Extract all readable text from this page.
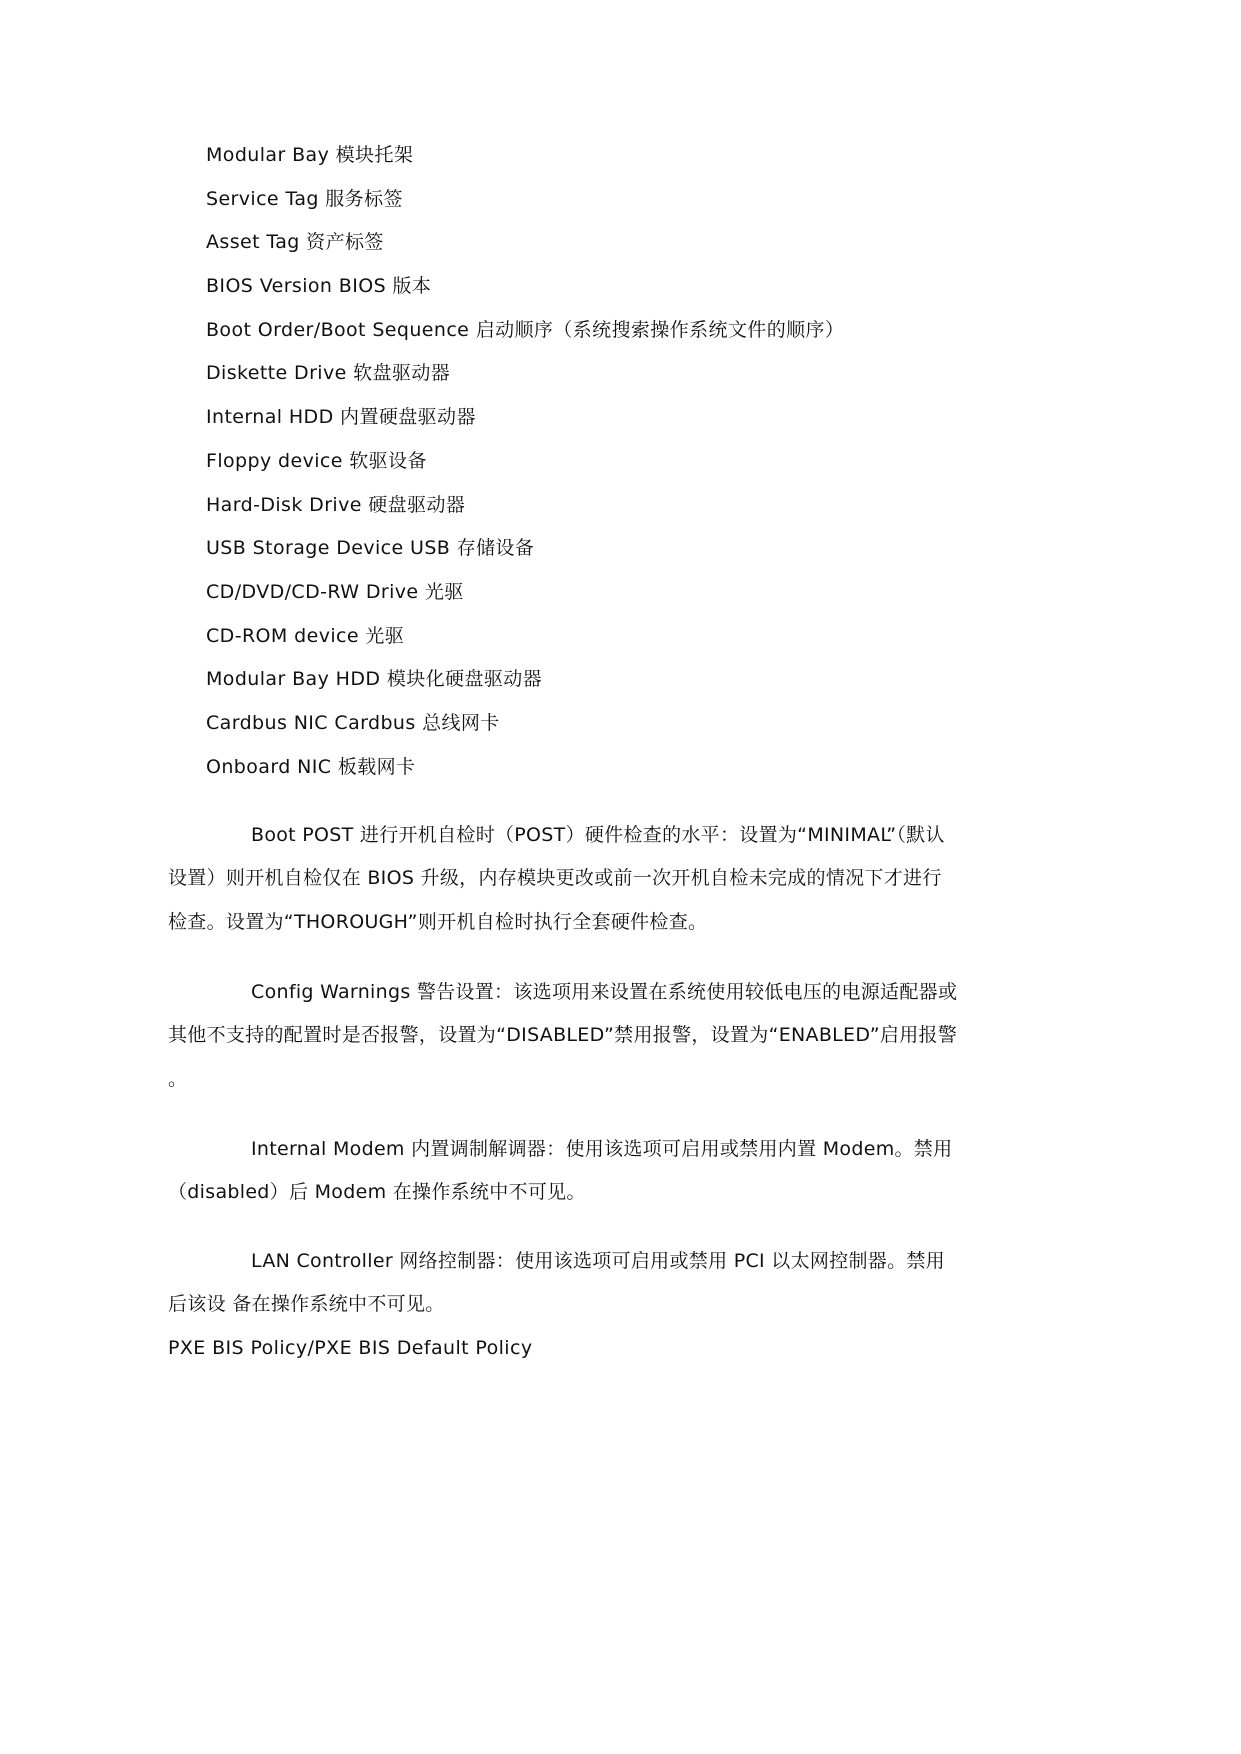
Modular Bay 模块托架
Service Tag 服务标签
Asset Tag 资产标签
BIOS Version BIOS 版本
Boot Order/Boot Sequence 启动顺序（系统搜索操作系统文件的顺序）
Diskette Drive 软盘驱动器
Internal HDD 内置硬盘驱动器
Floppy device 软驱设备
Hard-Disk Drive 硬盘驱动器
USB Storage Device USB 存储设备
CD/DVD/CD-RW Drive 光驱
CD-ROM device 光驱
Modular Bay HDD 模块化硬盘驱动器
Cardbus NIC Cardbus 总线网卡
Onboard NIC 板载网卡

Boot POST 进行开机自检时（POST）硬件检查的水平：设置为“MINIMAL”（默认设置）则开机自检仅在 BIOS 升级，内存模块更改或前一次开机自检未完成的情况下才进行检查。设置为“THOROUGH”则开机自检时执行全套硬件检查。

Config Warnings 警告设置：该选项用来设置在系统使用较低电压的电源适配器或其他不支持的配置时是否报警，设置为“DISABLED”禁用报警，设置为“ENABLED”启用报警 。

Internal Modem 内置调制解调器：使用该选项可启用或禁用内置 Modem。禁用（disabled）后 Modem 在操作系统中不可见。

LAN Controller 网络控制器：使用该选项可启用或禁用 PCI 以太网控制器。禁用后该设 备在操作系统中不可见。

PXE BIS Policy/PXE BIS Default Policy
